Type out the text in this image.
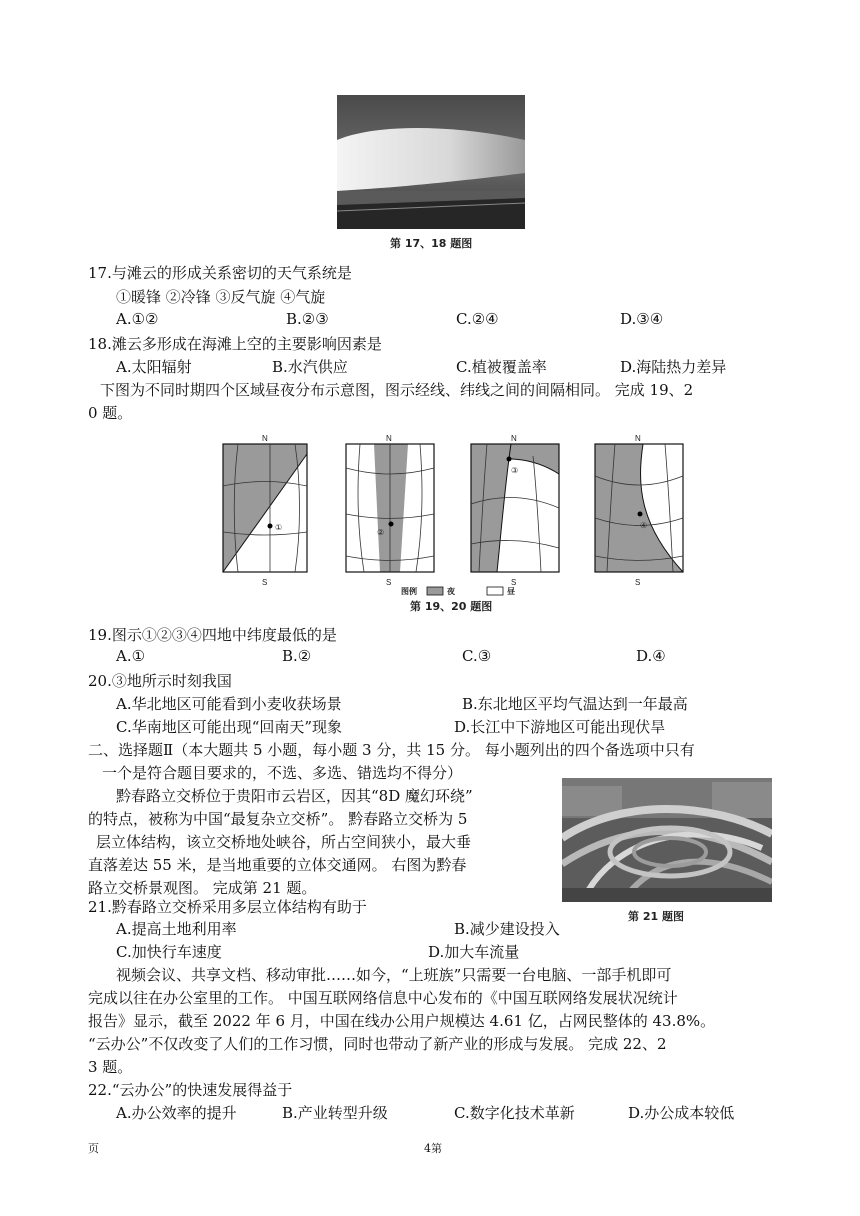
第 17、18 题图
17.与滩云的形成关系密切的天气系统是
①暖锋 ②冷锋 ③反气旋 ④气旋
A.①②	B.②③	C.②④	D.③④
18.滩云多形成在海滩上空的主要影响因素是
A.太阳辐射	B.水汽供应	C.植被覆盖率	D.海陆热力差异
下图为不同时期四个区域昼夜分布示意图，图示经线、纬线之间的间隔相同。 完成 19、2
0 题。
①
N
S
②
N
S
③
N
S
④
N
S
图例	夜	昼
第 19、20 题图
19.图示①②③④四地中纬度最低的是
A.①	B.②	C.③	D.④
20.③地所示时刻我国
A.华北地区可能看到小麦收获场景	B.东北地区平均气温达到一年最高
C.华南地区可能出现“回南天”现象	D.长江中下游地区可能出现伏旱
二、选择题Ⅱ（本大题共 5 小题，每小题 3 分，共 15 分。 每小题列出的四个备选项中只有
一个是符合题目要求的，不选、多选、错选均不得分）
黔春路立交桥位于贵阳市云岩区，因其“8D 魔幻环绕”
的特点，被称为中国“最复杂立交桥”。 黔春路立交桥为 5
层立体结构，该立交桥地处峡谷，所占空间狭小，最大垂
直落差达 55 米，是当地重要的立体交通网。 右图为黔春
路立交桥景观图。 完成第 21 题。
第 21 题图
21.黔春路立交桥采用多层立体结构有助于
A.提高土地利用率	B.减少建设投入
C.加快行车速度	D.加大车流量
视频会议、共享文档、移动审批……如今，“上班族”只需要一台电脑、一部手机即可
完成以往在办公室里的工作。 中国互联网络信息中心发布的《中国互联网络发展状况统计
报告》显示，截至 2022 年 6 月，中国在线办公用户规模达 4.61 亿，占网民整体的 43.8%。
“云办公”不仅改变了人们的工作习惯，同时也带动了新产业的形成与发展。 完成 22、2
3 题。
22.“云办公”的快速发展得益于
A.办公效率的提升	B.产业转型升级	C.数字化技术革新	D.办公成本较低
页	4第
